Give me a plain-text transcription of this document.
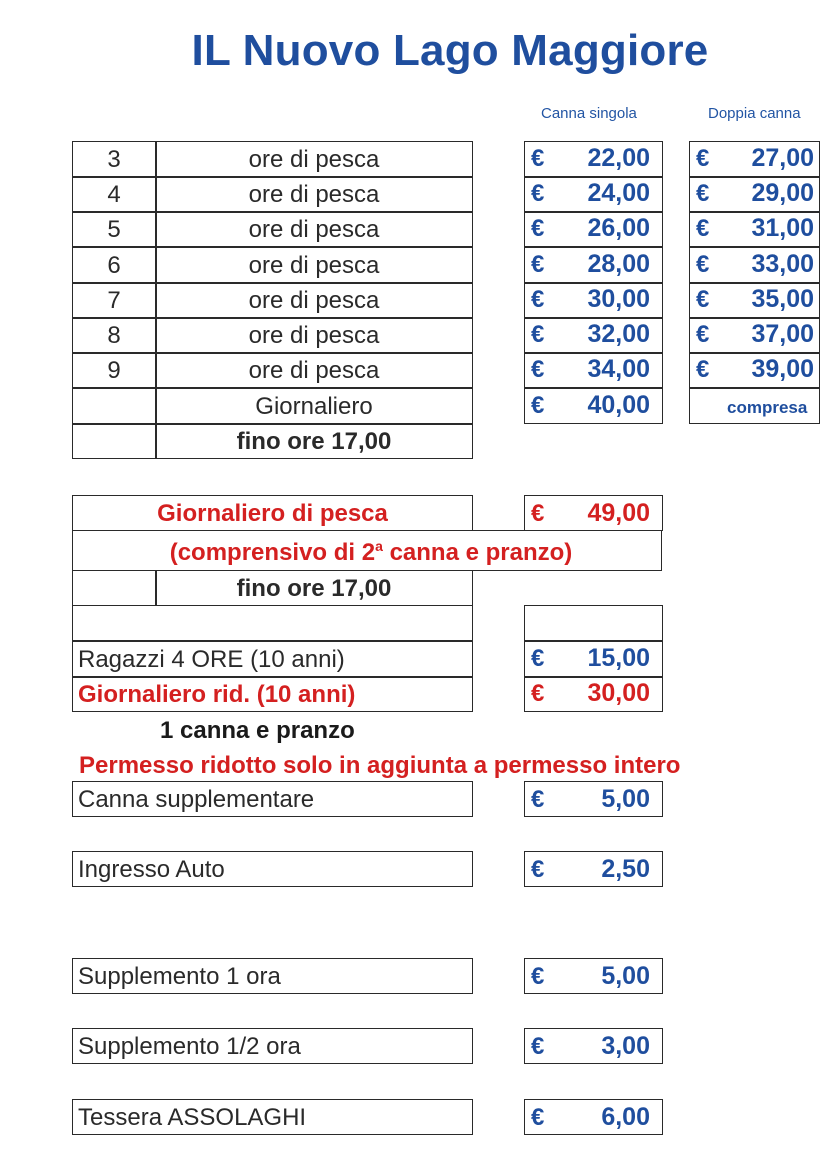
IL Nuovo Lago Maggiore
Canna singola	Doppia canna
3	ore di pesca	€	22,00 €	27,00
4	ore di pesca	€	24,00 €	29,00
5	ore di pesca	€	26,00 €	31,00
6	ore di pesca	€	28,00 €	33,00
7	ore di pesca	€	30,00 €	35,00
8	ore di pesca	€	32,00 €	37,00
9	ore di pesca	€	34,00 €	39,00
Giornaliero	€	40,00	compresa
fino ore 17,00
Giornaliero di pesca	€	49,00
(comprensivo di 2$^a$ canna e pranzo)
fino ore 17,00
Ragazzi 4 ORE (10 anni)	€	15,00
Giornaliero rid. (10 anni)	€	30,00
1 canna e pranzo
Permesso ridotto solo in aggiunta a permesso intero
Canna supplementare	€	5,00
Ingresso Auto	€	2,50
Supplemento 1 ora	€	5,00
Supplemento 1/2 ora	€	3,00
Tessera ASSOLAGHI	€	6,00
